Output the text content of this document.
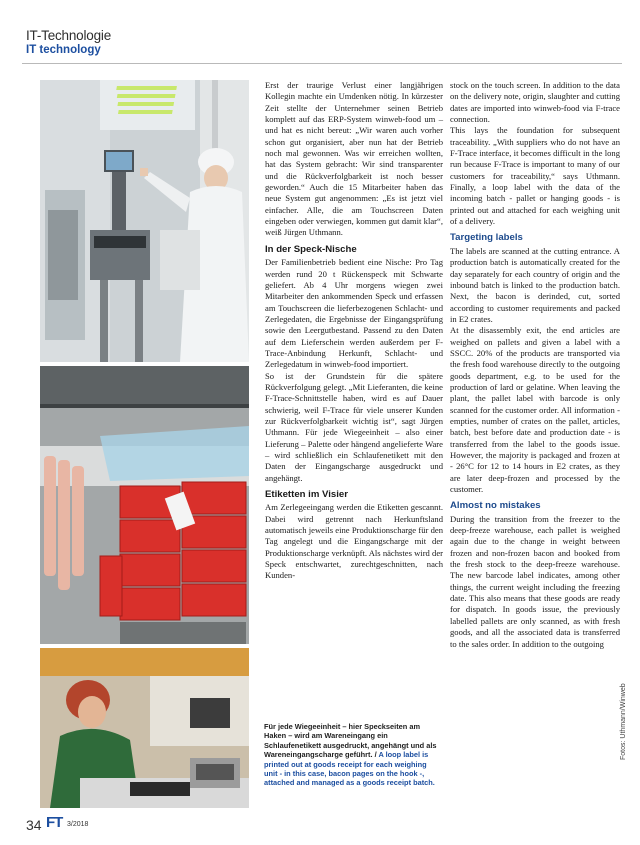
IT-Technologie
IT technology

Erst der traurige Verlust einer langjährigen Kollegin machte ein Umdenken nötig. In kürzester Zeit stellte der Unternehmer seinen Betrieb komplett auf das ERP-System winweb-food um – und hat es nicht bereut: „Wir waren auch vorher schon gut organisiert, aber nun hat der Betrieb noch mal gewonnen. Was wir erreichen wollten, hat das System gebracht: Wir sind transparenter und die Rückverfolgbarkeit ist noch besser geworden.“ Auch die 15 Mitarbeiter haben das neue System gut angenommen: „Es ist jetzt viel einfacher. Alle, die am Touchscreen Daten eingeben oder verwiegen, kommen gut damit klar“, weiß Jürgen Uthmann.

In der Speck-Nische

Der Familienbetrieb bedient eine Nische: Pro Tag werden rund 20 t Rückenspeck mit Schwarte geliefert. Ab 4 Uhr morgens wiegen zwei Mitarbeiter den ankommenden Speck und erfassen am Touchscreen die lieferbezogenen Schlacht- und Zerlegedaten, die Ergebnisse der Eingangsprüfung sowie den Leergutbestand. Passend zu den Daten auf dem Lieferschein werden außerdem per F-Trace-Anbindung Herkunft, Schlacht- und Zerlegedatum in winweb-food importiert.

So ist der Grundstein für die spätere Rückverfolgung gelegt. „Mit Lieferanten, die keine F-Trace-Schnittstelle haben, wird es auf Dauer schwierig, weil F-Trace für viele unserer Kunden zur Rückverfolgbarkeit wichtig ist“, sagt Jürgen Uthmann. Für jede Wiegeeinheit – also einer Lieferung – Palette oder hängend angelieferte Ware – wird schließlich ein Schlaufenetikett mit den Daten der Eingangscharge ausgedruckt und angehängt.

Etiketten im Visier

Am Zerlegeeingang werden die Etiketten gescannt. Dabei wird getrennt nach Herkunftsland automatisch jeweils eine Produktionscharge für den Tag angelegt und die Eingangscharge mit der Produktionscharge verknüpft. Als nächstes wird der Speck entschwartet, zurechtgeschnitten, nach Kunden-

Für jede Wiegeeinheit – hier Speckseiten am Haken – wird am Wareneingang ein Schlaufenetikett ausgedruckt, angehängt und als Wareneingangscharge geführt. / A loop label is printed out at goods receipt for each weighing unit - in this case, bacon pages on the hook -, attached and managed as a goods receipt batch.

stock on the touch screen. In addition to the data on the delivery note, origin, slaughter and cutting dates are imported into winweb-food via F-trace connection.

This lays the foundation for subsequent traceability. „With suppliers who do not have an F-Trace interface, it becomes difficult in the long run because F-Trace is important to many of our customers for traceability,“ says Uthmann. Finally, a loop label with the data of the incoming batch - pallet or hanging goods - is printed out and attached for each weighing unit of a delivery.

Targeting labels

The labels are scanned at the cutting entrance. A production batch is automatically created for the day separately for each country of origin and the inbound batch is linked to the production batch. Next, the bacon is derinded, cut, sorted according to customer requirements and packed in E2 crates.

At the disassembly exit, the end articles are weighed on pallets and given a label with a SSCC. 20% of the products are transported via the fresh food warehouse directly to the outgoing goods department, e.g. to be used for the production of lard or gelatine. When leaving the plant, the pallet label with barcode is only scanned for the customer order. All information - empties, number of crates on the pallet, articles, batch, best before date and production date - is transferred from the label to the goods issue. However, the majority is packaged and frozen at - 26°C for 12 to 14 hours in E2 crates, as they are later deep-frozen and processed by the customer.

Almost no mistakes

During the transition from the freezer to the deep-freeze warehouse, each pallet is weighed again due to the change in weight between frozen and non-frozen bacon and booked from the fresh stock to the deep-freeze warehouse. The new barcode label indicates, among other things, the current weight including the freezing date. This also means that these goods are ready for dispatch. In goods issue, the previously labelled pallets are only scanned, as with fresh goods, and all the associated data is transferred to the sales order. In addition to the outgoing

Fotos: Uthmann/Winweb
34 FT 3/2018
